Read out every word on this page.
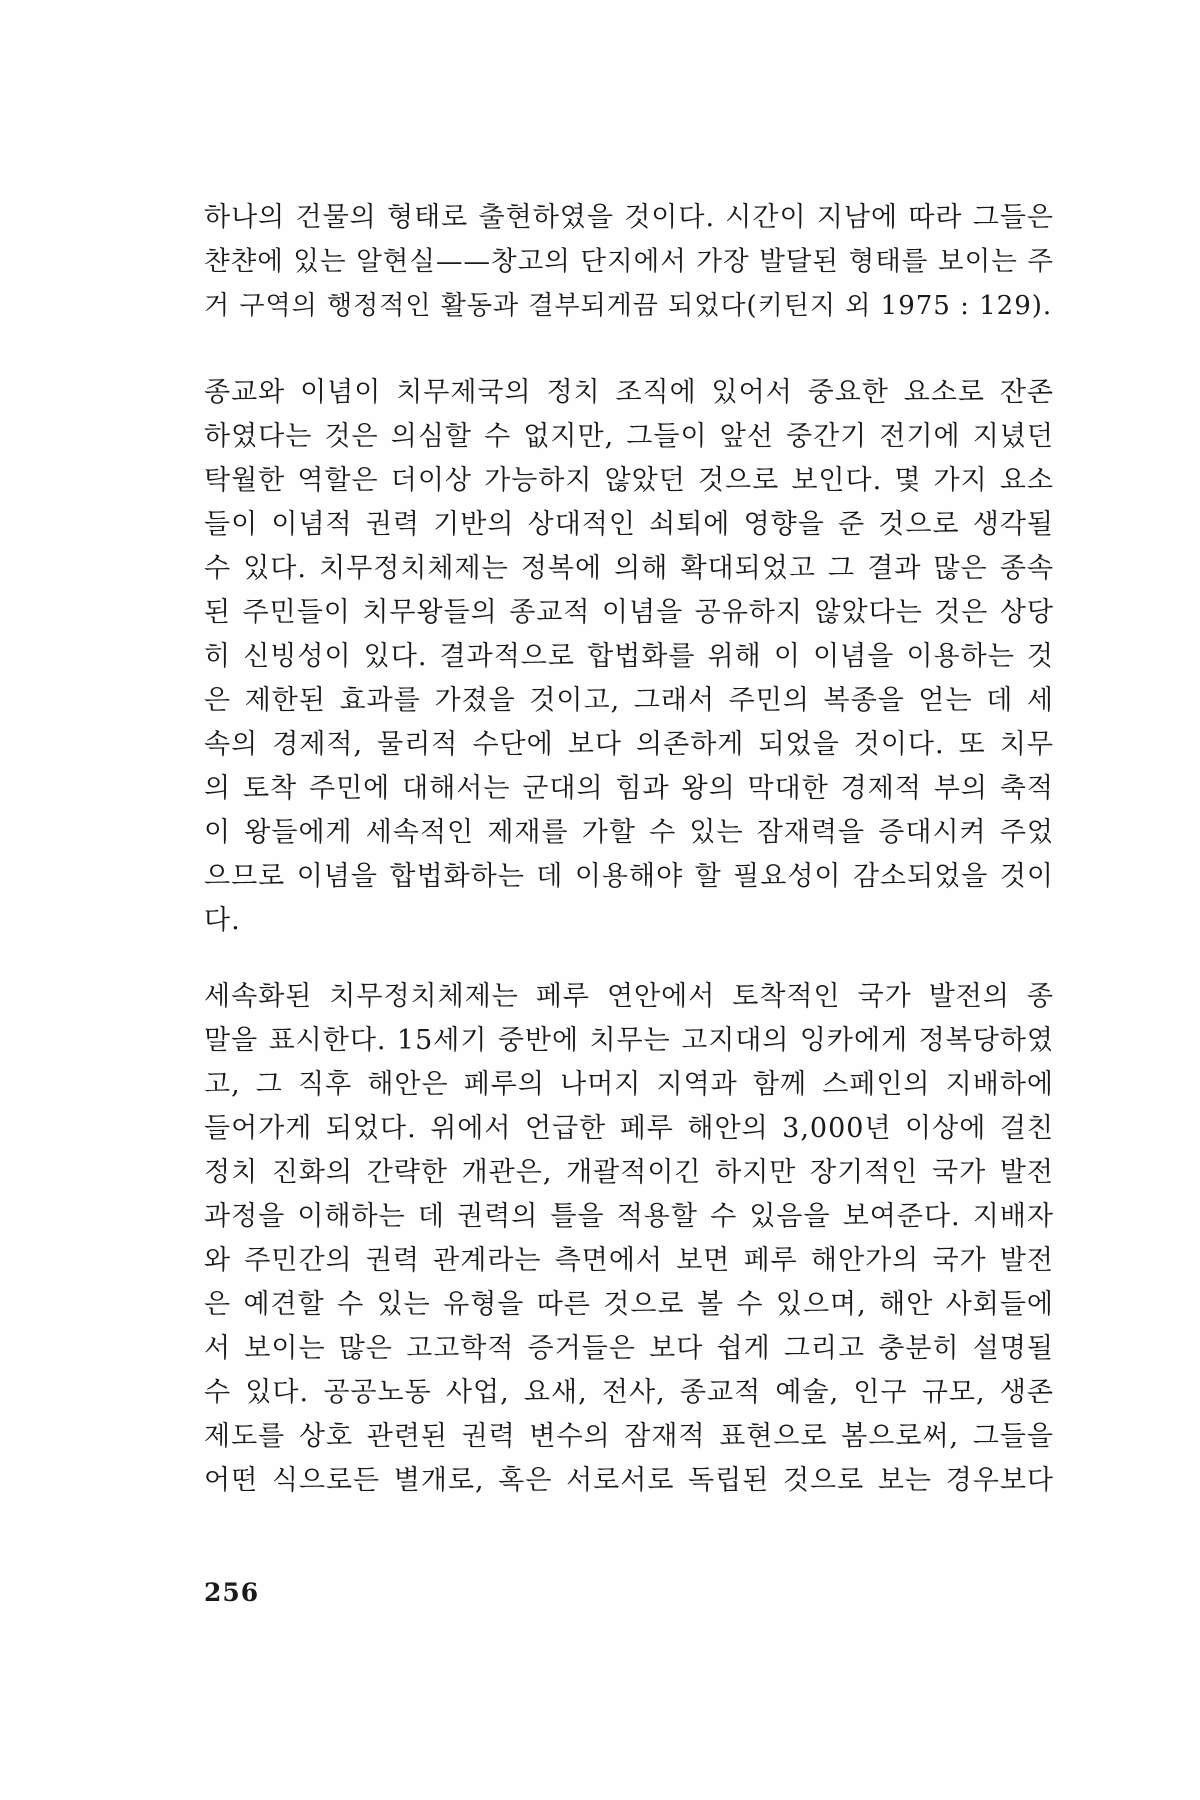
하나의 건물의 형태로 출현하였을 것이다. 시간이 지남에 따라 그들은
챤챤에 있는 알현실——창고의 단지에서 가장 발달된 형태를 보이는 주
거 구역의 행정적인 활동과 결부되게끔 되었다(키틴지 외 1975 : 129).
종교와 이념이 치무제국의 정치 조직에 있어서 중요한 요소로 잔존
하였다는 것은 의심할 수 없지만, 그들이 앞선 중간기 전기에 지녔던
탁월한 역할은 더이상 가능하지 않았던 것으로 보인다. 몇 가지 요소
들이 이념적 권력 기반의 상대적인 쇠퇴에 영향을 준 것으로 생각될
수 있다. 치무정치체제는 정복에 의해 확대되었고 그 결과 많은 종속
된 주민들이 치무왕들의 종교적 이념을 공유하지 않았다는 것은 상당
히 신빙성이 있다. 결과적으로 합법화를 위해 이 이념을 이용하는 것
은 제한된 효과를 가졌을 것이고, 그래서 주민의 복종을 얻는 데 세
속의 경제적, 물리적 수단에 보다 의존하게 되었을 것이다. 또 치무
의 토착 주민에 대해서는 군대의 힘과 왕의 막대한 경제적 부의 축적
이 왕들에게 세속적인 제재를 가할 수 있는 잠재력을 증대시켜 주었
으므로 이념을 합법화하는 데 이용해야 할 필요성이 감소되었을 것이
다.
세속화된 치무정치체제는 페루 연안에서 토착적인 국가 발전의 종
말을 표시한다. 15세기 중반에 치무는 고지대의 잉카에게 정복당하였
고, 그 직후 해안은 페루의 나머지 지역과 함께 스페인의 지배하에
들어가게 되었다. 위에서 언급한 페루 해안의 3,000년 이상에 걸친
정치 진화의 간략한 개관은, 개괄적이긴 하지만 장기적인 국가 발전
과정을 이해하는 데 권력의 틀을 적용할 수 있음을 보여준다. 지배자
와 주민간의 권력 관계라는 측면에서 보면 페루 해안가의 국가 발전
은 예견할 수 있는 유형을 따른 것으로 볼 수 있으며, 해안 사회들에
서 보이는 많은 고고학적 증거들은 보다 쉽게 그리고 충분히 설명될
수 있다. 공공노동 사업, 요새, 전사, 종교적 예술, 인구 규모, 생존
제도를 상호 관련된 권력 변수의 잠재적 표현으로 봄으로써, 그들을
어떤 식으로든 별개로, 혹은 서로서로 독립된 것으로 보는 경우보다
256
